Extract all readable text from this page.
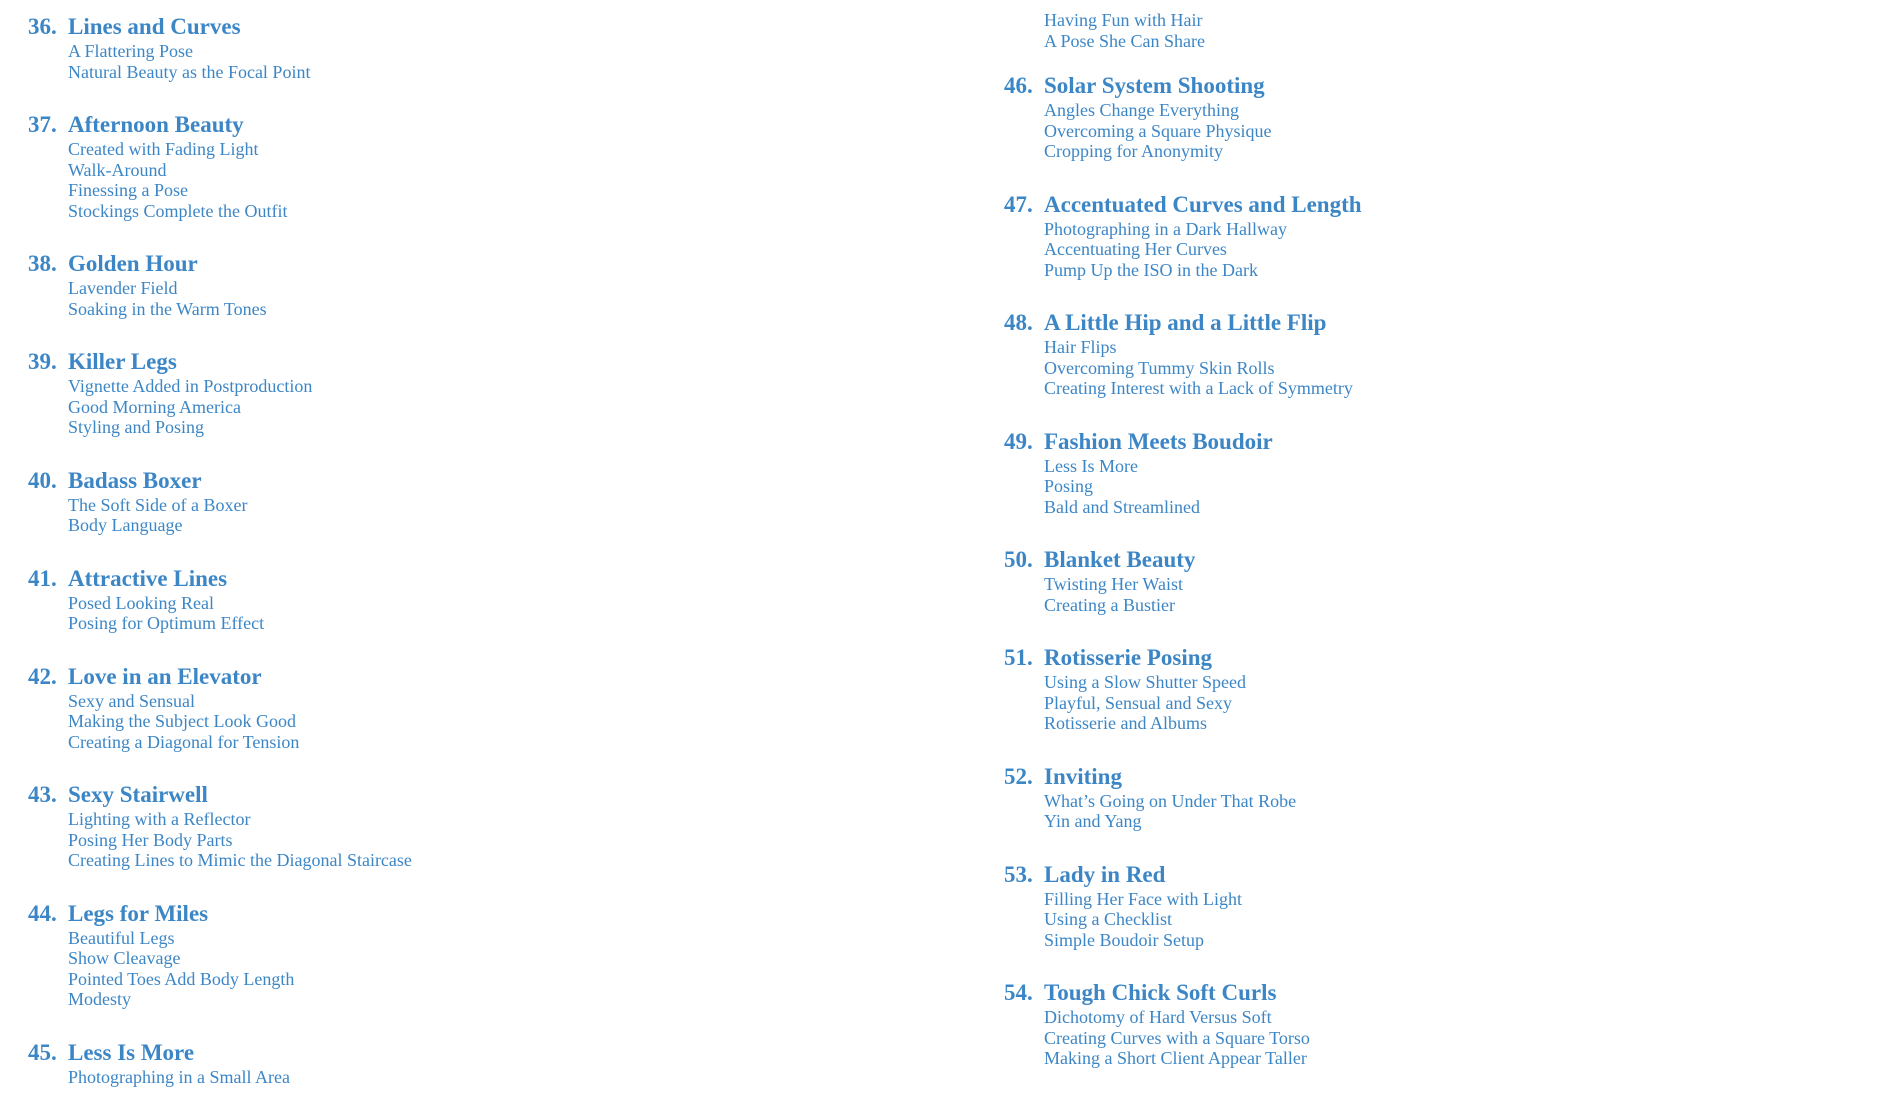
36. Lines and Curves
A Flattering Pose
Natural Beauty as the Focal Point
37. Afternoon Beauty
Created with Fading Light
Walk-Around
Finessing a Pose
Stockings Complete the Outfit
38. Golden Hour
Lavender Field
Soaking in the Warm Tones
39. Killer Legs
Vignette Added in Postproduction
Good Morning America
Styling and Posing
40. Badass Boxer
The Soft Side of a Boxer
Body Language
41. Attractive Lines
Posed Looking Real
Posing for Optimum Effect
42. Love in an Elevator
Sexy and Sensual
Making the Subject Look Good
Creating a Diagonal for Tension
43. Sexy Stairwell
Lighting with a Reflector
Posing Her Body Parts
Creating Lines to Mimic the Diagonal Staircase
44. Legs for Miles
Beautiful Legs
Show Cleavage
Pointed Toes Add Body Length
Modesty
45. Less Is More
Photographing in a Small Area
Having Fun with Hair
A Pose She Can Share
46. Solar System Shooting
Angles Change Everything
Overcoming a Square Physique
Cropping for Anonymity
47. Accentuated Curves and Length
Photographing in a Dark Hallway
Accentuating Her Curves
Pump Up the ISO in the Dark
48. A Little Hip and a Little Flip
Hair Flips
Overcoming Tummy Skin Rolls
Creating Interest with a Lack of Symmetry
49. Fashion Meets Boudoir
Less Is More
Posing
Bald and Streamlined
50. Blanket Beauty
Twisting Her Waist
Creating a Bustier
51. Rotisserie Posing
Using a Slow Shutter Speed
Playful, Sensual and Sexy
Rotisserie and Albums
52. Inviting
What’s Going on Under That Robe
Yin and Yang
53. Lady in Red
Filling Her Face with Light
Using a Checklist
Simple Boudoir Setup
54. Tough Chick Soft Curls
Dichotomy of Hard Versus Soft
Creating Curves with a Square Torso
Making a Short Client Appear Taller
